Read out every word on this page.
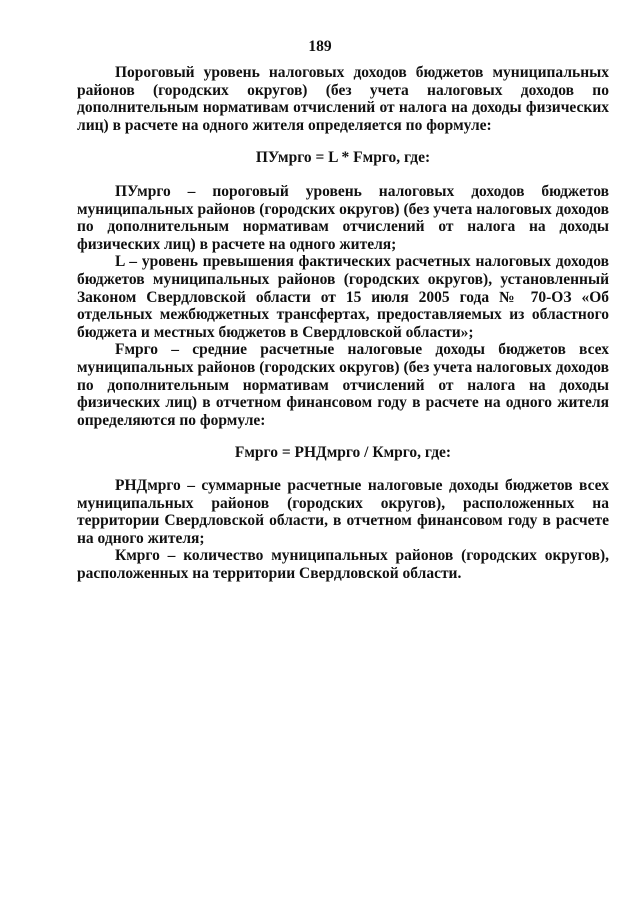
189

Пороговый уровень налоговых доходов бюджетов муниципальных районов (городских округов) (без учета налоговых доходов по дополнительным нормативам отчислений от налога на доходы физических лиц) в расчете на одного жителя определяется по формуле:

ПУмрго = L * Fмрго, где:

ПУмрго – пороговый уровень налоговых доходов бюджетов муниципальных районов (городских округов) (без учета налоговых доходов по дополнительным нормативам отчислений от налога на доходы физических лиц) в расчете на одного жителя;

L – уровень превышения фактических расчетных налоговых доходов бюджетов муниципальных районов (городских округов), установленный Законом Свердловской области от 15 июля 2005 года № 70-ОЗ «Об отдельных межбюджетных трансфертах, предоставляемых из областного бюджета и местных бюджетов в Свердловской области»;

Fмрго – средние расчетные налоговые доходы бюджетов всех муниципальных районов (городских округов) (без учета налоговых доходов по дополнительным нормативам отчислений от налога на доходы физических лиц) в отчетном финансовом году в расчете на одного жителя определяются по формуле:

Fмрго = РНДмрго / Кмрго, где:

РНДмрго – суммарные расчетные налоговые доходы бюджетов всех муниципальных районов (городских округов), расположенных на территории Свердловской области, в отчетном финансовом году в расчете на одного жителя;

Кмрго – количество муниципальных районов (городских округов), расположенных на территории Свердловской области.
